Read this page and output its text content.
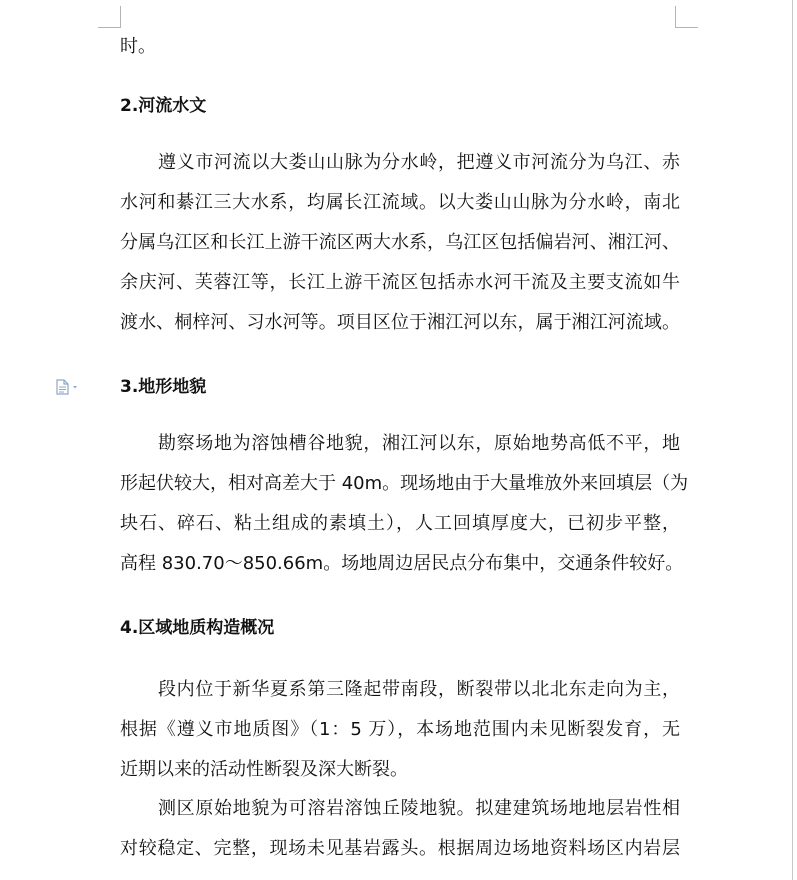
时。
2.河流水文
遵义市河流以大娄山山脉为分水岭，把遵义市河流分为乌江、赤
水河和綦江三大水系，均属长江流域。以大娄山山脉为分水岭，南北
分属乌江区和长江上游干流区两大水系，乌江区包括偏岩河、湘江河、
余庆河、芙蓉江等，长江上游干流区包括赤水河干流及主要支流如牛
渡水、桐梓河、习水河等。项目区位于湘江河以东，属于湘江河流域。
3.地形地貌
勘察场地为溶蚀槽谷地貌，湘江河以东，原始地势高低不平，地
形起伏较大，相对高差大于 40m。现场地由于大量堆放外来回填层（为
块石、碎石、粘土组成的素填土），人工回填厚度大，已初步平整，
高程 830.70～850.66m。场地周边居民点分布集中，交通条件较好。
4.区域地质构造概况
段内位于新华夏系第三隆起带南段，断裂带以北北东走向为主，
根据《遵义市地质图》（1：5 万），本场地范围内未见断裂发育，无
近期以来的活动性断裂及深大断裂。
测区原始地貌为可溶岩溶蚀丘陵地貌。拟建建筑场地地层岩性相
对较稳定、完整，现场未见基岩露头。根据周边场地资料场区内岩层
